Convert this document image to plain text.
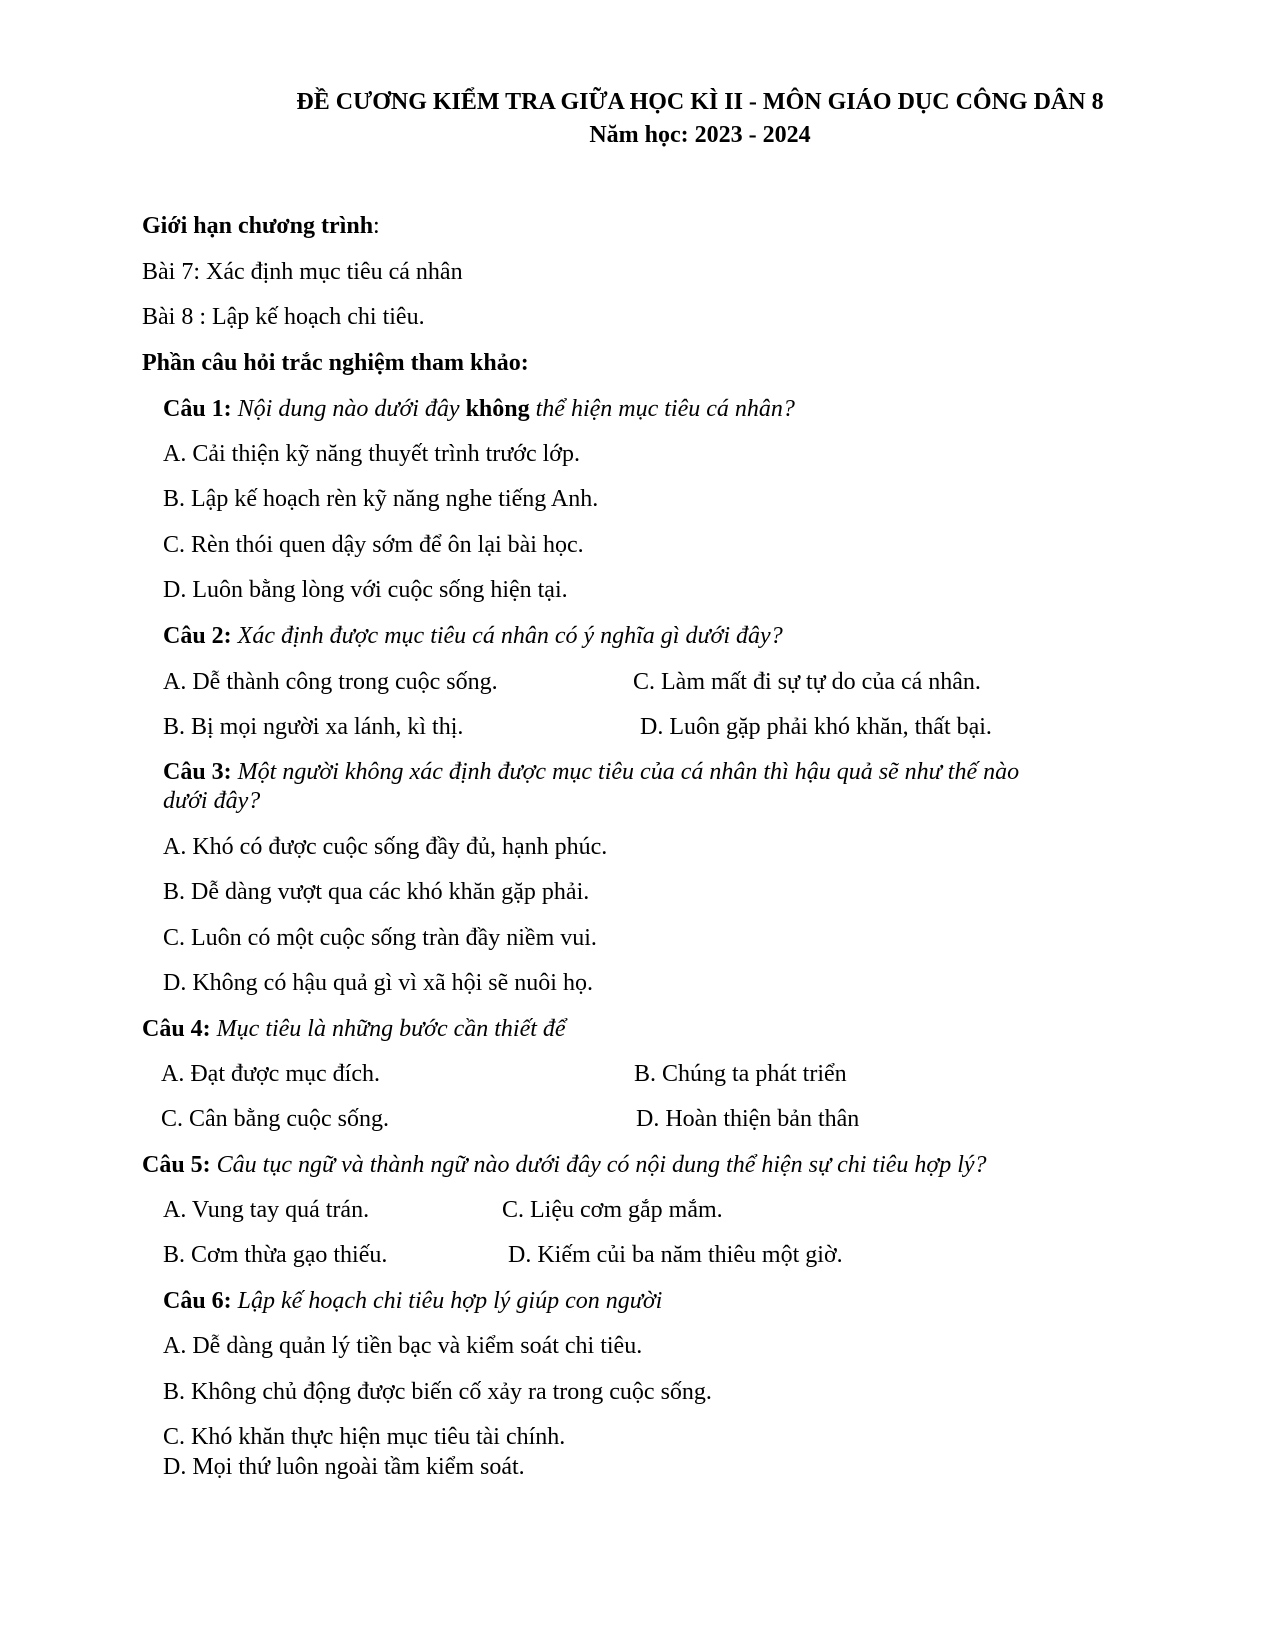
ĐỀ CƯƠNG KIỂM TRA GIỮA HỌC KÌ II - MÔN GIÁO DỤC CÔNG DÂN 8
Năm học: 2023 - 2024
Giới hạn chương trình:
Bài 7: Xác định mục tiêu cá nhân
Bài 8 : Lập kế hoạch chi tiêu.
Phần câu hỏi trắc nghiệm tham khảo:
Câu 1: Nội dung nào dưới đây không thể hiện mục tiêu cá nhân?
A. Cải thiện kỹ năng thuyết trình trước lớp.
B. Lập kế hoạch rèn kỹ năng nghe tiếng Anh.
C. Rèn thói quen dậy sớm để ôn lại bài học.
D. Luôn bằng lòng với cuộc sống hiện tại.
Câu 2: Xác định được mục tiêu cá nhân có ý nghĩa gì dưới đây?
A. Dễ thành công trong cuộc sống.	C. Làm mất đi sự tự do của cá nhân.
B. Bị mọi người xa lánh, kì thị.	D. Luôn gặp phải khó khăn, thất bại.
Câu 3: Một người không xác định được mục tiêu của cá nhân thì hậu quả sẽ như thế nào
dưới đây?
A. Khó có được cuộc sống đầy đủ, hạnh phúc.
B. Dễ dàng vượt qua các khó khăn gặp phải.
C. Luôn có một cuộc sống tràn đầy niềm vui.
D. Không có hậu quả gì vì xã hội sẽ nuôi họ.
Câu 4: Mục tiêu là những bước cần thiết để
A. Đạt được mục đích.	B. Chúng ta phát triển
C. Cân bằng cuộc sống.	D. Hoàn thiện bản thân
Câu 5: Câu tục ngữ và thành ngữ nào dưới đây có nội dung thể hiện sự chi tiêu hợp lý?
A. Vung tay quá trán.	C. Liệu cơm gắp mắm.
B. Cơm thừa gạo thiếu.	D. Kiếm củi ba năm thiêu một giờ.
Câu 6: Lập kế hoạch chi tiêu hợp lý giúp con người
A. Dễ dàng quản lý tiền bạc và kiểm soát chi tiêu.
B. Không chủ động được biến cố xảy ra trong cuộc sống.
C. Khó khăn thực hiện mục tiêu tài chính.
D. Mọi thứ luôn ngoài tầm kiểm soát.
